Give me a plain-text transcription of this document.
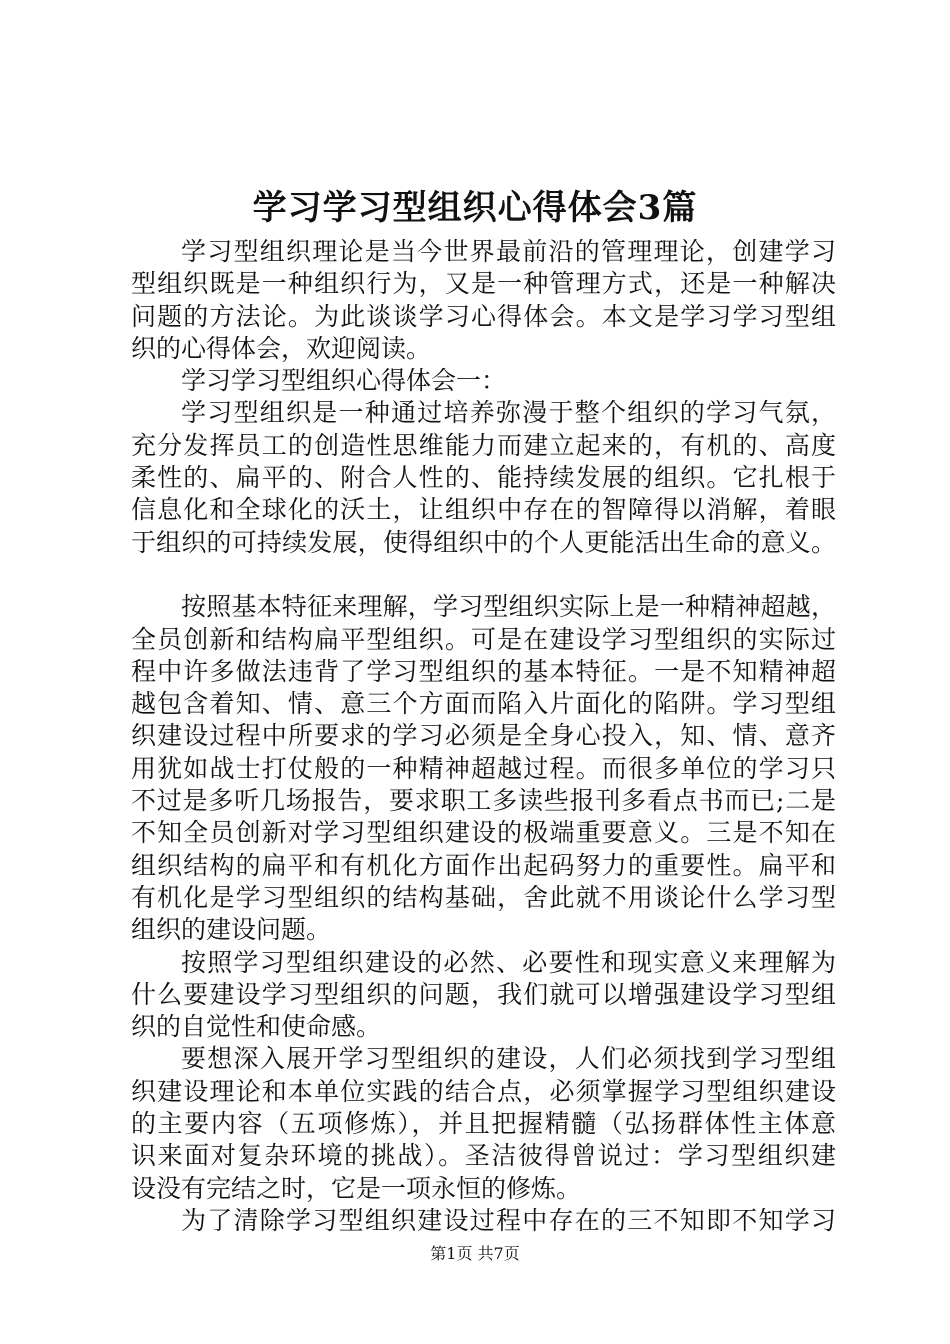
学习学习型组织心得体会3篇
学习型组织理论是当今世界最前沿的管理理论，创建学习
型组织既是一种组织行为，又是一种管理方式，还是一种解决
问题的方法论。为此谈谈学习心得体会。本文是学习学习型组
织的心得体会，欢迎阅读。
学习学习型组织心得体会一：
学习型组织是一种通过培养弥漫于整个组织的学习气氛，
充分发挥员工的创造性思维能力而建立起来的，有机的、高度
柔性的、扁平的、附合人性的、能持续发展的组织。它扎根于
信息化和全球化的沃土，让组织中存在的智障得以消解，着眼
于组织的可持续发展，使得组织中的个人更能活出生命的意义。
按照基本特征来理解，学习型组织实际上是一种精神超越，
全员创新和结构扁平型组织。可是在建设学习型组织的实际过
程中许多做法违背了学习型组织的基本特征。一是不知精神超
越包含着知、情、意三个方面而陷入片面化的陷阱。学习型组
织建设过程中所要求的学习必须是全身心投入，知、情、意齐
用犹如战士打仗般的一种精神超越过程。而很多单位的学习只
不过是多听几场报告，要求职工多读些报刊多看点书而已;二是
不知全员创新对学习型组织建设的极端重要意义。三是不知在
组织结构的扁平和有机化方面作出起码努力的重要性。扁平和
有机化是学习型组织的结构基础，舍此就不用谈论什么学习型
组织的建设问题。
按照学习型组织建设的必然、必要性和现实意义来理解为
什么要建设学习型组织的问题，我们就可以增强建设学习型组
织的自觉性和使命感。
要想深入展开学习型组织的建设，人们必须找到学习型组
织建设理论和本单位实践的结合点，必须掌握学习型组织建设
的主要内容（五项修炼），并且把握精髓（弘扬群体性主体意
识来面对复杂环境的挑战）。圣洁彼得曾说过：学习型组织建
设没有完结之时，它是一项永恒的修炼。
为了清除学习型组织建设过程中存在的三不知即不知学习
第1页 共7页
